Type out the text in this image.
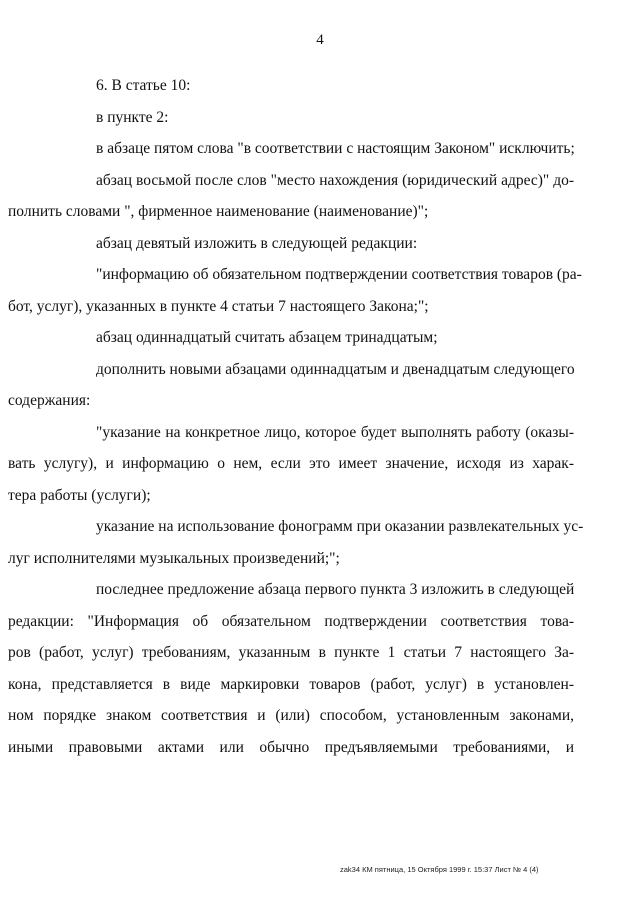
4
6. В статье 10:
в пункте 2:
в абзаце пятом слова "в соответствии с настоящим Законом" исключить;
абзац восьмой после слов "место нахождения (юридический адрес)" до-
полнить словами ", фирменное наименование (наименование)";
абзац девятый изложить в следующей редакции:
"информацию об обязательном подтверждении соответствия товаров (ра-
бот, услуг), указанных в пункте 4 статьи 7 настоящего Закона;";
абзац одиннадцатый считать абзацем тринадцатым;
дополнить новыми абзацами одиннадцатым и двенадцатым следующего
содержания:
"указание на конкретное лицо, которое будет выполнять работу (оказы-
вать услугу), и информацию о нем, если это имеет значение, исходя из харак-
тера работы (услуги);
указание на использование фонограмм при оказании развлекательных ус-
луг исполнителями музыкальных произведений;";
последнее предложение абзаца первого пункта 3 изложить в следующей
редакции: "Информация об обязательном подтверждении соответствия това-
ров (работ, услуг) требованиям, указанным в пункте 1 статьи 7 настоящего За-
кона, представляется в виде маркировки товаров (работ, услуг) в установлен-
ном порядке знаком соответствия и (или) способом, установленным законами,
иными правовыми актами или обычно предъявляемыми требованиями, и
zak34 КМ пятница, 15 Октября 1999 г. 15:37 Лист № 4 (4)
